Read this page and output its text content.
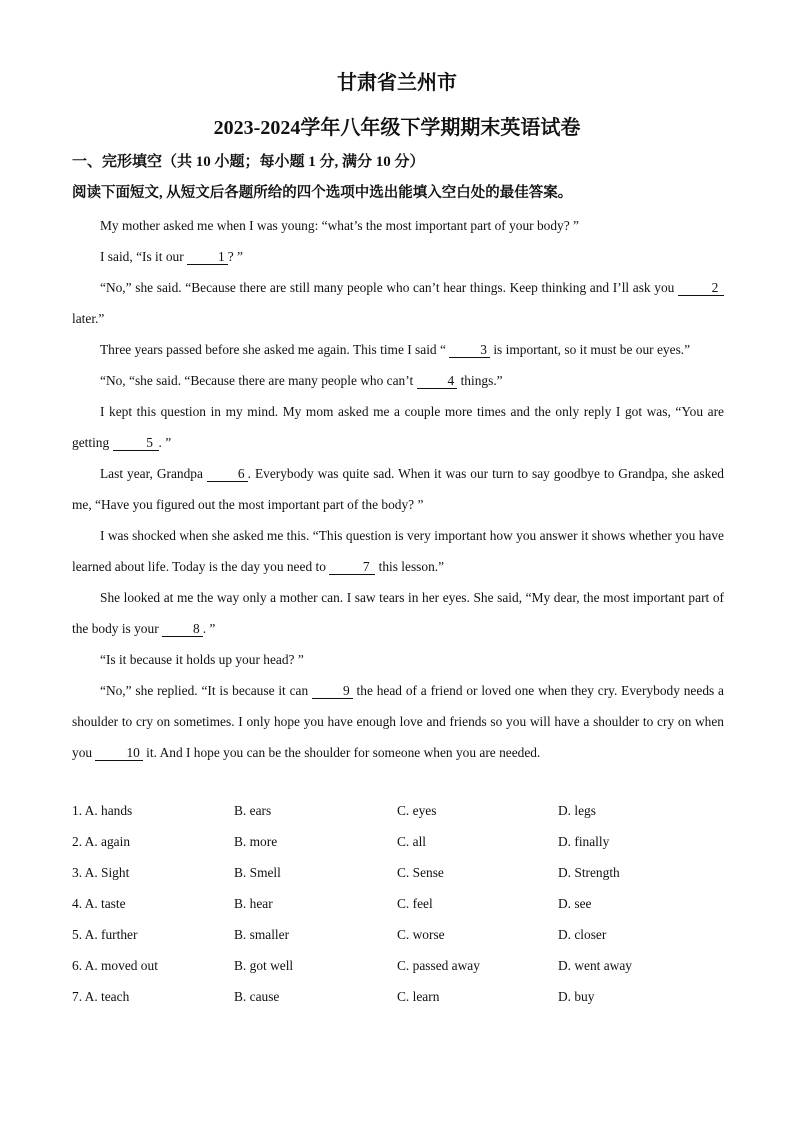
甘肃省兰州市
2023-2024学年八年级下学期期末英语试卷
一、完形填空（共 10 小题；每小题 1 分, 满分 10 分）
阅读下面短文, 从短文后各题所给的四个选项中选出能填入空白处的最佳答案。

My mother asked me when I was young: “what’s the most important part of your body? ”

I said, “Is it our 1 ? ”

“No,” she said. “Because there are still many people who can’t hear things. Keep thinking and I’ll ask you	2 later.”

Three years passed before she asked me again. This time I said “ 3 is important, so it must be our eyes.”

“No, “she said. “Because there are many people who can’t 4 things.”

I kept this question in my mind. My mom asked me a couple more times and the only reply I got was, “You are getting	5 . ”

Last year, Grandpa 6 . Everybody was quite sad. When it was our turn to say goodbye to Grandpa, she asked me, “Have you figured out the most important part of the body? ”

I was shocked when she asked me this. “This question is very important how you answer it shows whether you have learned about life. Today is the day you need to	7 this lesson.”

She looked at me the way only a mother can. I saw tears in her eyes. She said, “My dear, the most important part of the body is your 8 . ”

“Is it because it holds up your head? ”

“No,” she replied. “It is because it can 9 the head of a friend or loved one when they cry. Everybody needs a shoulder to cry on sometimes. I only hope you have enough love and friends so you will have a shoulder to cry on when you 10 it. And I hope you can be the shoulder for someone when you are needed.

1. A. hands	B. ears	C. eyes	D. legs
2. A. again	B. more	C. all	D. finally
3. A. Sight	B. Smell	C. Sense	D. Strength
4. A. taste	B. hear	C. feel	D. see
5. A. further	B. smaller	C. worse	D. closer
6. A. moved out	B. got well	C. passed away	D. went away
7. A. teach	B. cause	C. learn	D. buy
